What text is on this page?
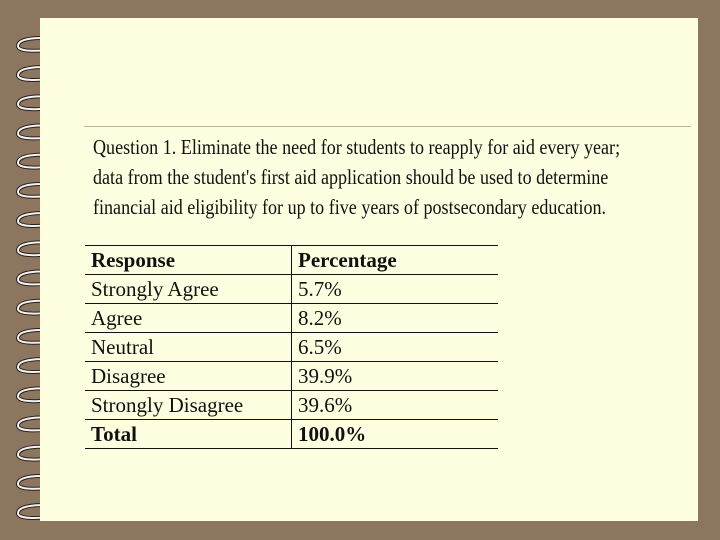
Question 1. Eliminate the need for students to reapply for aid every year;
data from the student's first aid application should be used to determine
financial aid eligibility for up to five years of postsecondary education.
Response	Percentage
Strongly Agree	5.7%
Agree	8.2%
Neutral	6.5%
Disagree	39.9%
Strongly Disagree	39.6%
Total	100.0%
